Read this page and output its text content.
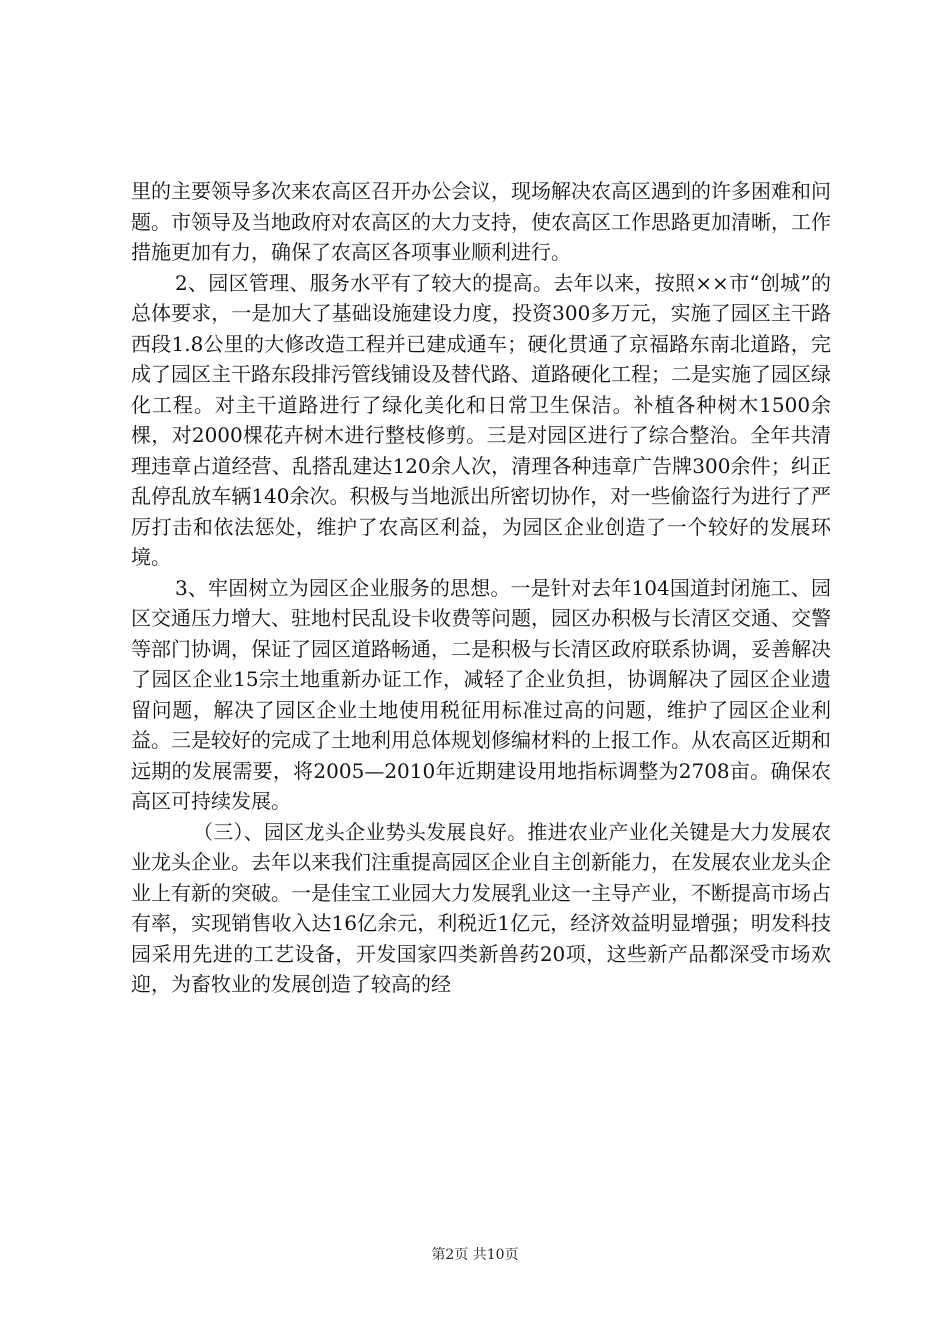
里的主要领导多次来农高区召开办公会议，现场解决农高区遇到的许多困难和问题。市领导及当地政府对农高区的大力支持，使农高区工作思路更加清晰，工作措施更加有力，确保了农高区各项事业顺利进行。

2、园区管理、服务水平有了较大的提高。去年以来，按照××市“创城”的总体要求，一是加大了基础设施建设力度，投资300多万元，实施了园区主干路西段1.8公里的大修改造工程并已建成通车；硬化贯通了京福路东南北道路，完成了园区主干路东段排污管线铺设及替代路、道路硬化工程；二是实施了园区绿化工程。对主干道路进行了绿化美化和日常卫生保洁。补植各种树木1500余棵，对2000棵花卉树木进行整枝修剪。三是对园区进行了综合整治。全年共清理违章占道经营、乱搭乱建达120余人次，清理各种违章广告牌300余件；纠正乱停乱放车辆140余次。积极与当地派出所密切协作，对一些偷盗行为进行了严厉打击和依法惩处，维护了农高区利益，为园区企业创造了一个较好的发展环境。

3、牢固树立为园区企业服务的思想。一是针对去年104国道封闭施工、园区交通压力增大、驻地村民乱设卡收费等问题，园区办积极与长清区交通、交警等部门协调，保证了园区道路畅通，二是积极与长清区政府联系协调，妥善解决了园区企业15宗土地重新办证工作，减轻了企业负担，协调解决了园区企业遗留问题，解决了园区企业土地使用税征用标准过高的问题，维护了园区企业利益。三是较好的完成了土地利用总体规划修编材料的上报工作。从农高区近期和远期的发展需要，将2005—2010年近期建设用地指标调整为2708亩。确保农高区可持续发展。

（三）、园区龙头企业势头发展良好。推进农业产业化关键是大力发展农业龙头企业。去年以来我们注重提高园区企业自主创新能力，在发展农业龙头企业上有新的突破。一是佳宝工业园大力发展乳业这一主导产业，不断提高市场占有率，实现销售收入达16亿余元，利税近1亿元，经济效益明显增强；明发科技园采用先进的工艺设备，开发国家四类新兽药20项，这些新产品都深受市场欢迎，为畜牧业的发展创造了较高的经

第2页 共10页
